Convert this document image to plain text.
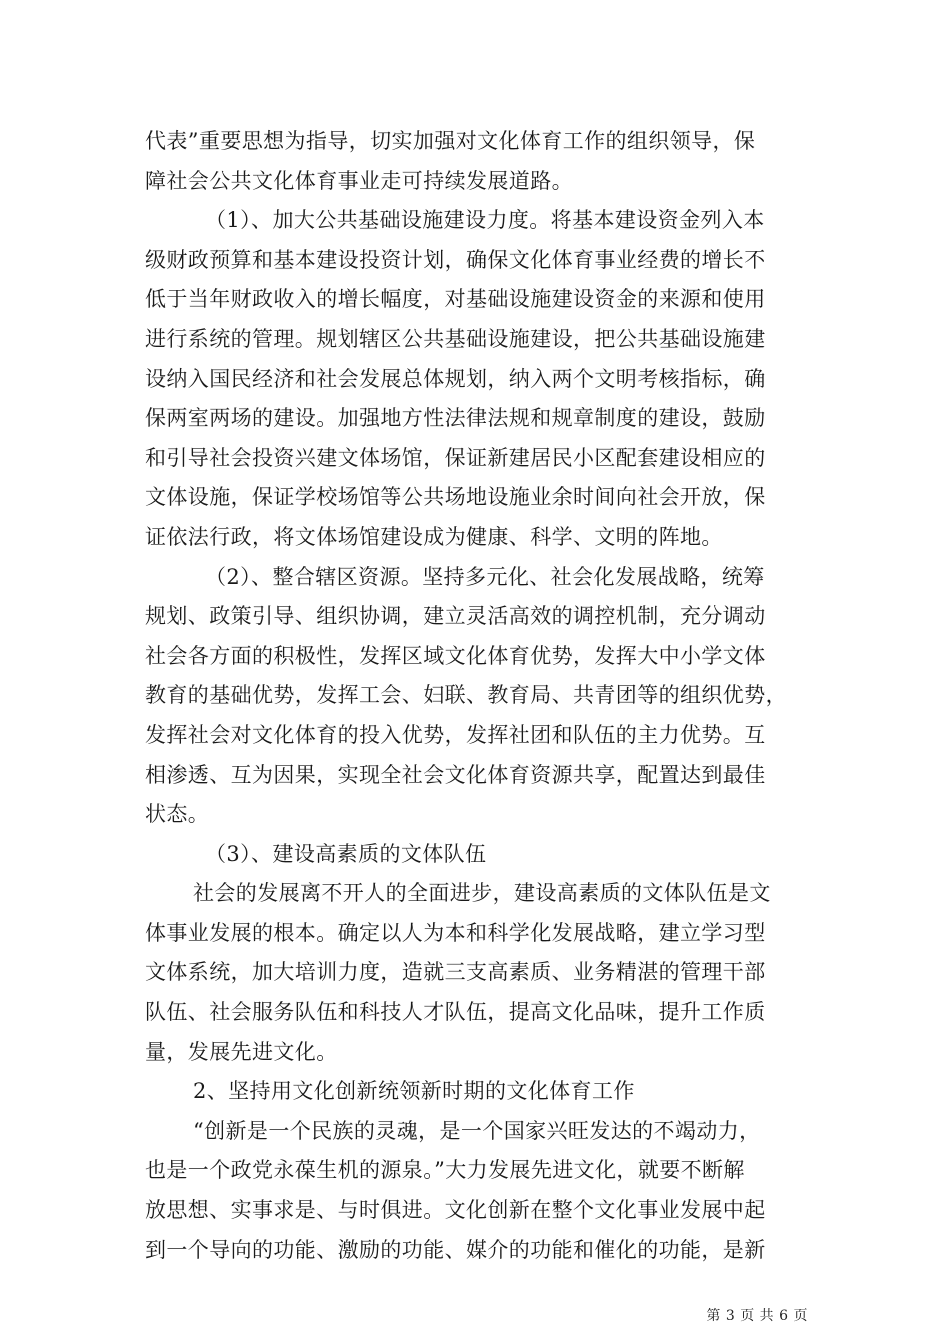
代表”重要思想为指导，切实加强对文化体育工作的组织领导，保
障社会公共文化体育事业走可持续发展道路。
（1）、加大公共基础设施建设力度。将基本建设资金列入本
级财政预算和基本建设投资计划，确保文化体育事业经费的增长不
低于当年财政收入的增长幅度，对基础设施建设资金的来源和使用
进行系统的管理。规划辖区公共基础设施建设，把公共基础设施建
设纳入国民经济和社会发展总体规划，纳入两个文明考核指标，确
保两室两场的建设。加强地方性法律法规和规章制度的建设，鼓励
和引导社会投资兴建文体场馆，保证新建居民小区配套建设相应的
文体设施，保证学校场馆等公共场地设施业余时间向社会开放，保
证依法行政，将文体场馆建设成为健康、科学、文明的阵地。
（2）、整合辖区资源。坚持多元化、社会化发展战略，统筹
规划、政策引导、组织协调，建立灵活高效的调控机制，充分调动
社会各方面的积极性，发挥区域文化体育优势，发挥大中小学文体
教育的基础优势，发挥工会、妇联、教育局、共青团等的组织优势，
发挥社会对文化体育的投入优势，发挥社团和队伍的主力优势。互
相渗透、互为因果，实现全社会文化体育资源共享，配置达到最佳
状态。
（3）、建设高素质的文体队伍
社会的发展离不开人的全面进步，建设高素质的文体队伍是文
体事业发展的根本。确定以人为本和科学化发展战略，建立学习型
文体系统，加大培训力度，造就三支高素质、业务精湛的管理干部
队伍、社会服务队伍和科技人才队伍，提高文化品味，提升工作质
量，发展先进文化。
2、坚持用文化创新统领新时期的文化体育工作
“创新是一个民族的灵魂，是一个国家兴旺发达的不竭动力，
也是一个政党永葆生机的源泉。”大力发展先进文化，就要不断解
放思想、实事求是、与时俱进。文化创新在整个文化事业发展中起
到一个导向的功能、激励的功能、媒介的功能和催化的功能，是新
第 3 页 共 6 页
